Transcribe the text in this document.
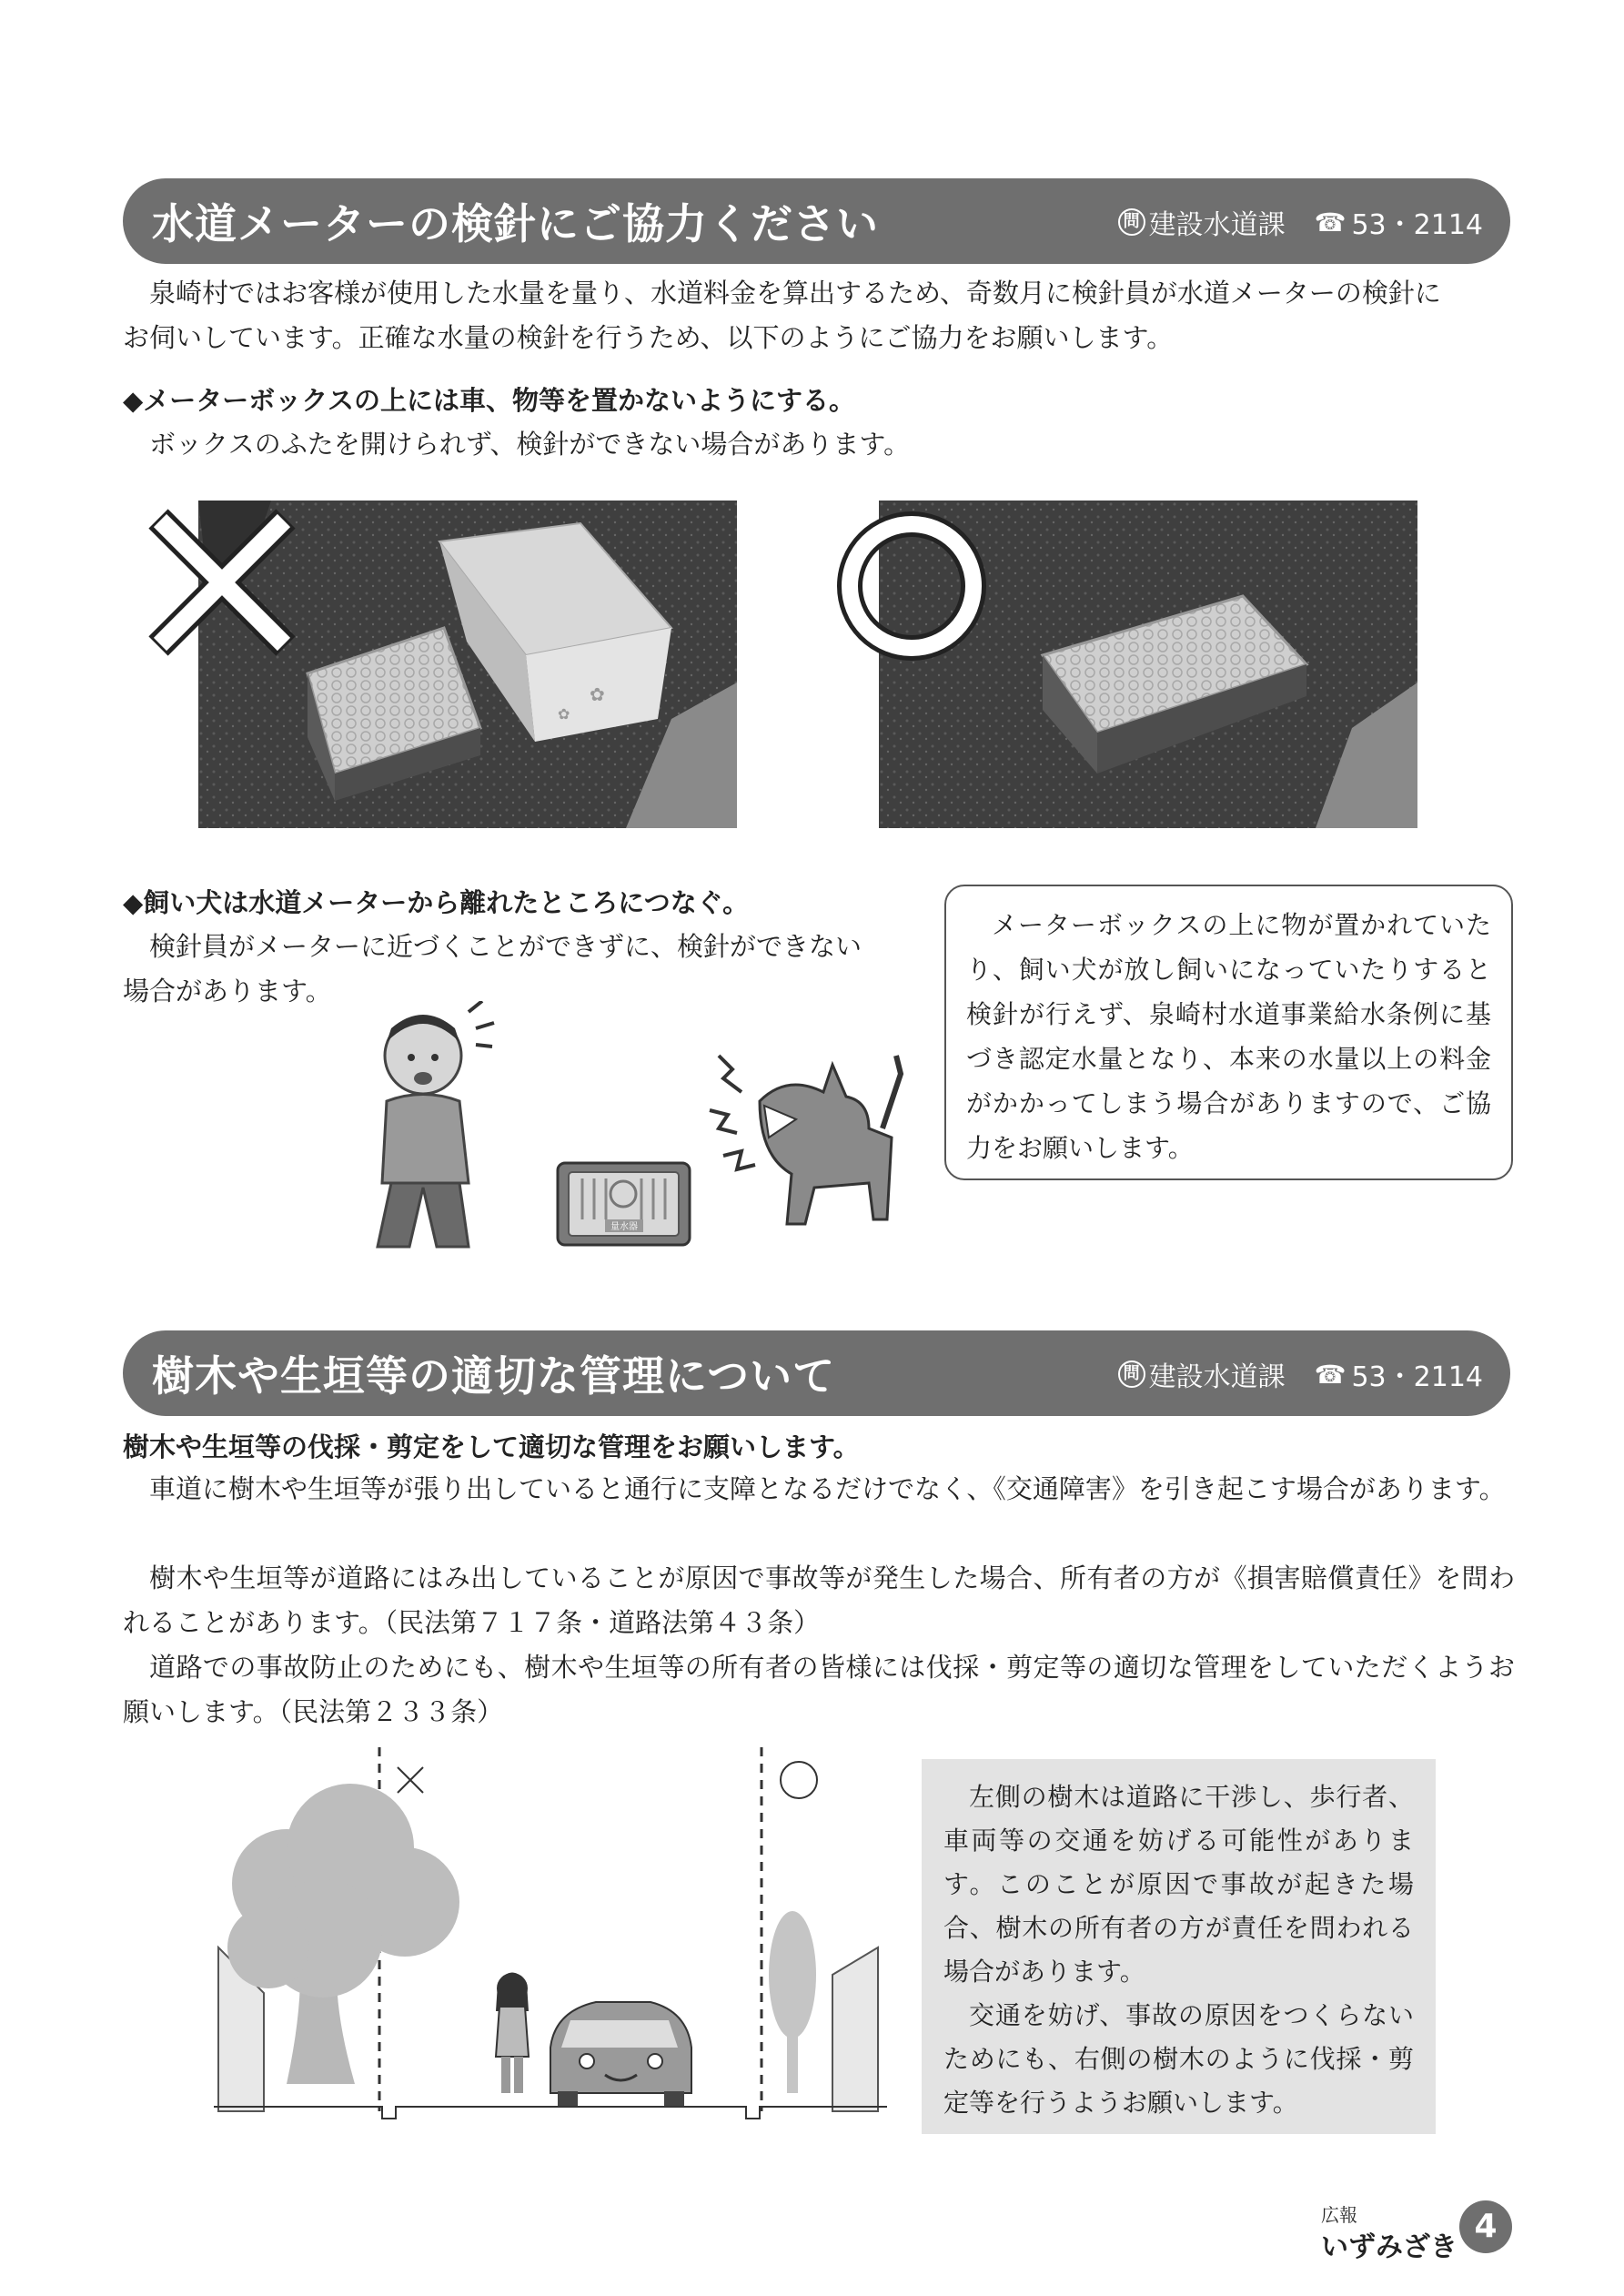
水道メーターの検針にご協力ください	問 建設水道課 ☎ 53・2114
泉崎村ではお客様が使用した水量を量り、水道料金を算出するため、奇数月に検針員が水道メーターの検針に
お伺いしています。正確な水量の検針を行うため、以下のようにご協力をお願いします。
◆メーターボックスの上には車、物等を置かないようにする。
ボックスのふたを開けられず、検針ができない場合があります。
✿
✿
◆飼い犬は水道メーターから離れたところにつなぐ。
検針員がメーターに近づくことができずに、検針ができない
場合があります。
量水器

メーターボックスの上に物が置かれていたり、飼い犬が放し飼いになっていたりすると検針が行えず、泉崎村水道事業給水条例に基づき認定水量となり、本来の水量以上の料金がかかってしまう場合がありますので、ご協力をお願いします。

樹木や生垣等の適切な管理について	問 建設水道課 ☎ 53・2114
樹木や生垣等の伐採・剪定をして適切な管理をお願いします。
車道に樹木や生垣等が張り出していると通行に支障となるだけでなく、《交通障害》を引き起こす場合があります。
樹木や生垣等が道路にはみ出していることが原因で事故等が発生した場合、所有者の方が《損害賠償責任》を問われることがあります。（民法第７１７条・道路法第４３条）
道路での事故防止のためにも、樹木や生垣等の所有者の皆様には伐採・剪定等の適切な管理をしていただくようお願いします。（民法第２３３条）

左側の樹木は道路に干渉し、歩行者、車両等の交通を妨げる可能性があります。このことが原因で事故が起きた場合、樹木の所有者の方が責任を問われる場合があります。

交通を妨げ、事故の原因をつくらないためにも、右側の樹木のように伐採・剪定等を行うようお願いします。

広報
いずみざき
4
